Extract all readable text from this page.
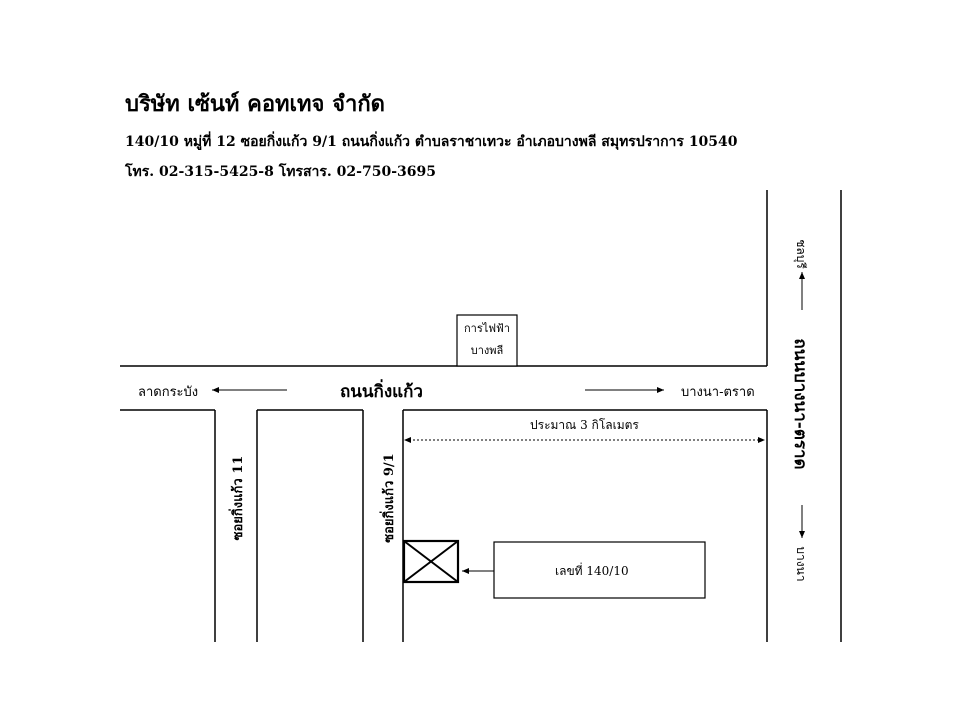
บริษัท เซ้นท์ คอทเทจ จำกัด
140/10 หมู่ที่ 12 ซอยกิ่งแก้ว 9/1 ถนนกิ่งแก้ว ตำบลราชาเทวะ อำเภอบางพลี สมุทรปราการ 10540
โทร. 02-315-5425-8 โทรสาร. 02-750-3695
การไฟฟ้า
บางพลี
ถนนกิ่งแก้ว
ลาดกระบัง	บางนา-ตราด
ประมาณ 3 กิโลเมตร
เลขที่ 140/10
ซอยกิ่งแก้ว 11	ซอยกิ่งแก้ว 9/1
ถนนบางนา-ตราด
ชลบุรี
บางนา
